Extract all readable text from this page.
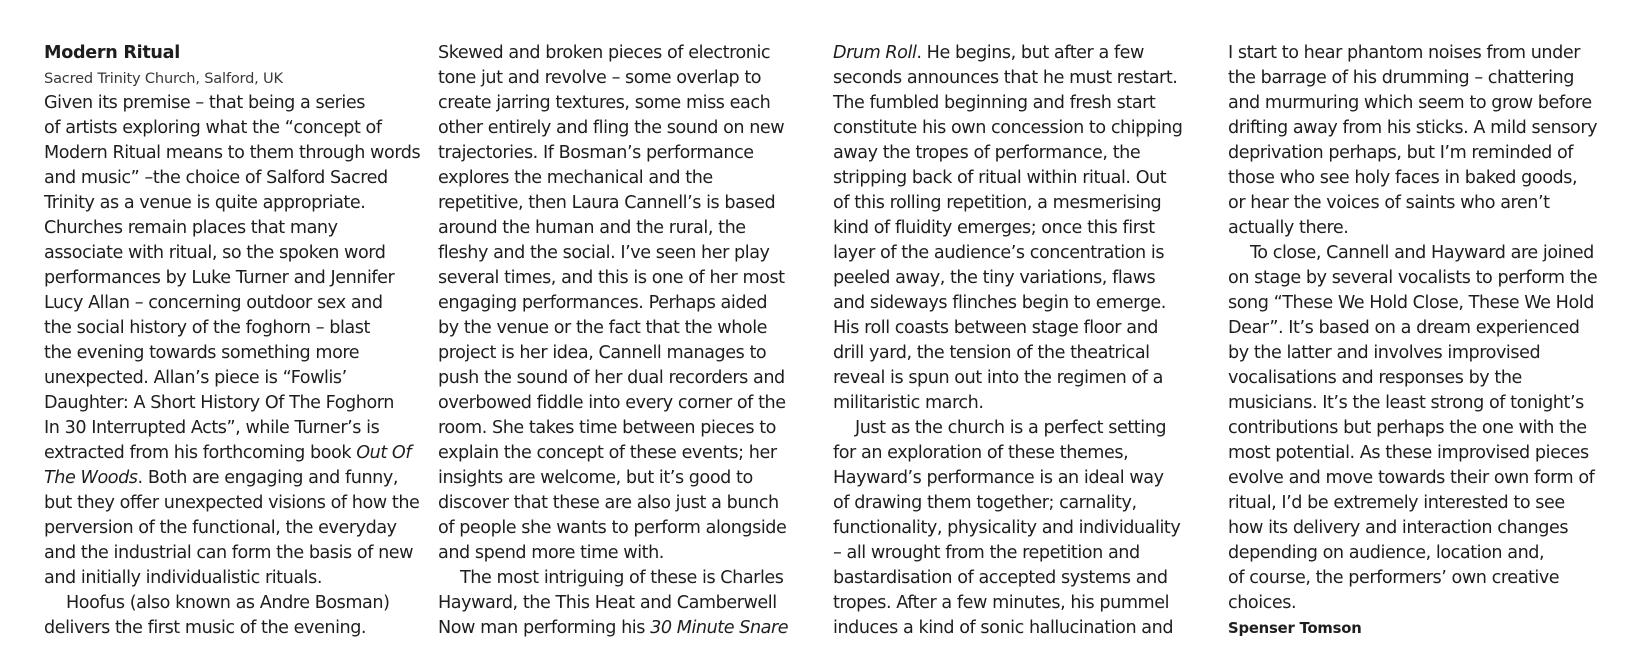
Modern Ritual
Sacred Trinity Church, Salford, UK
Given its premise – that being a series
of artists exploring what the “concept of
Modern Ritual means to them through words
and music” –the choice of Salford Sacred
Trinity as a venue is quite appropriate.
Churches remain places that many
associate with ritual, so the spoken word
performances by Luke Turner and Jennifer
Lucy Allan – concerning outdoor sex and
the social history of the foghorn – blast
the evening towards something more
unexpected. Allan’s piece is “Fowlis’
Daughter: A Short History Of The Foghorn
In 30 Interrupted Acts”, while Turner’s is
extracted from his forthcoming book Out Of
The Woods. Both are engaging and funny,
but they offer unexpected visions of how the
perversion of the functional, the everyday
and the industrial can form the basis of new
and initially individualistic rituals.
Hoofus (also known as Andre Bosman)
delivers the first music of the evening.
Skewed and broken pieces of electronic
tone jut and revolve – some overlap to
create jarring textures, some miss each
other entirely and fling the sound on new
trajectories. If Bosman’s performance
explores the mechanical and the
repetitive, then Laura Cannell’s is based
around the human and the rural, the
fleshy and the social. I’ve seen her play
several times, and this is one of her most
engaging performances. Perhaps aided
by the venue or the fact that the whole
project is her idea, Cannell manages to
push the sound of her dual recorders and
overbowed fiddle into every corner of the
room. She takes time between pieces to
explain the concept of these events; her
insights are welcome, but it’s good to
discover that these are also just a bunch
of people she wants to perform alongside
and spend more time with.
The most intriguing of these is Charles
Hayward, the This Heat and Camberwell
Now man performing his 30 Minute Snare
Drum Roll. He begins, but after a few
seconds announces that he must restart.
The fumbled beginning and fresh start
constitute his own concession to chipping
away the tropes of performance, the
stripping back of ritual within ritual. Out
of this rolling repetition, a mesmerising
kind of fluidity emerges; once this first
layer of the audience’s concentration is
peeled away, the tiny variations, flaws
and sideways flinches begin to emerge.
His roll coasts between stage floor and
drill yard, the tension of the theatrical
reveal is spun out into the regimen of a
militaristic march.
Just as the church is a perfect setting
for an exploration of these themes,
Hayward’s performance is an ideal way
of drawing them together; carnality,
functionality, physicality and individuality
– all wrought from the repetition and
bastardisation of accepted systems and
tropes. After a few minutes, his pummel
induces a kind of sonic hallucination and
I start to hear phantom noises from under
the barrage of his drumming – chattering
and murmuring which seem to grow before
drifting away from his sticks. A mild sensory
deprivation perhaps, but I’m reminded of
those who see holy faces in baked goods,
or hear the voices of saints who aren’t
actually there.
To close, Cannell and Hayward are joined
on stage by several vocalists to perform the
song “These We Hold Close, These We Hold
Dear”. It’s based on a dream experienced
by the latter and involves improvised
vocalisations and responses by the
musicians. It’s the least strong of tonight’s
contributions but perhaps the one with the
most potential. As these improvised pieces
evolve and move towards their own form of
ritual, I’d be extremely interested to see
how its delivery and interaction changes
depending on audience, location and,
of course, the performers’ own creative
choices.
Spenser Tomson
